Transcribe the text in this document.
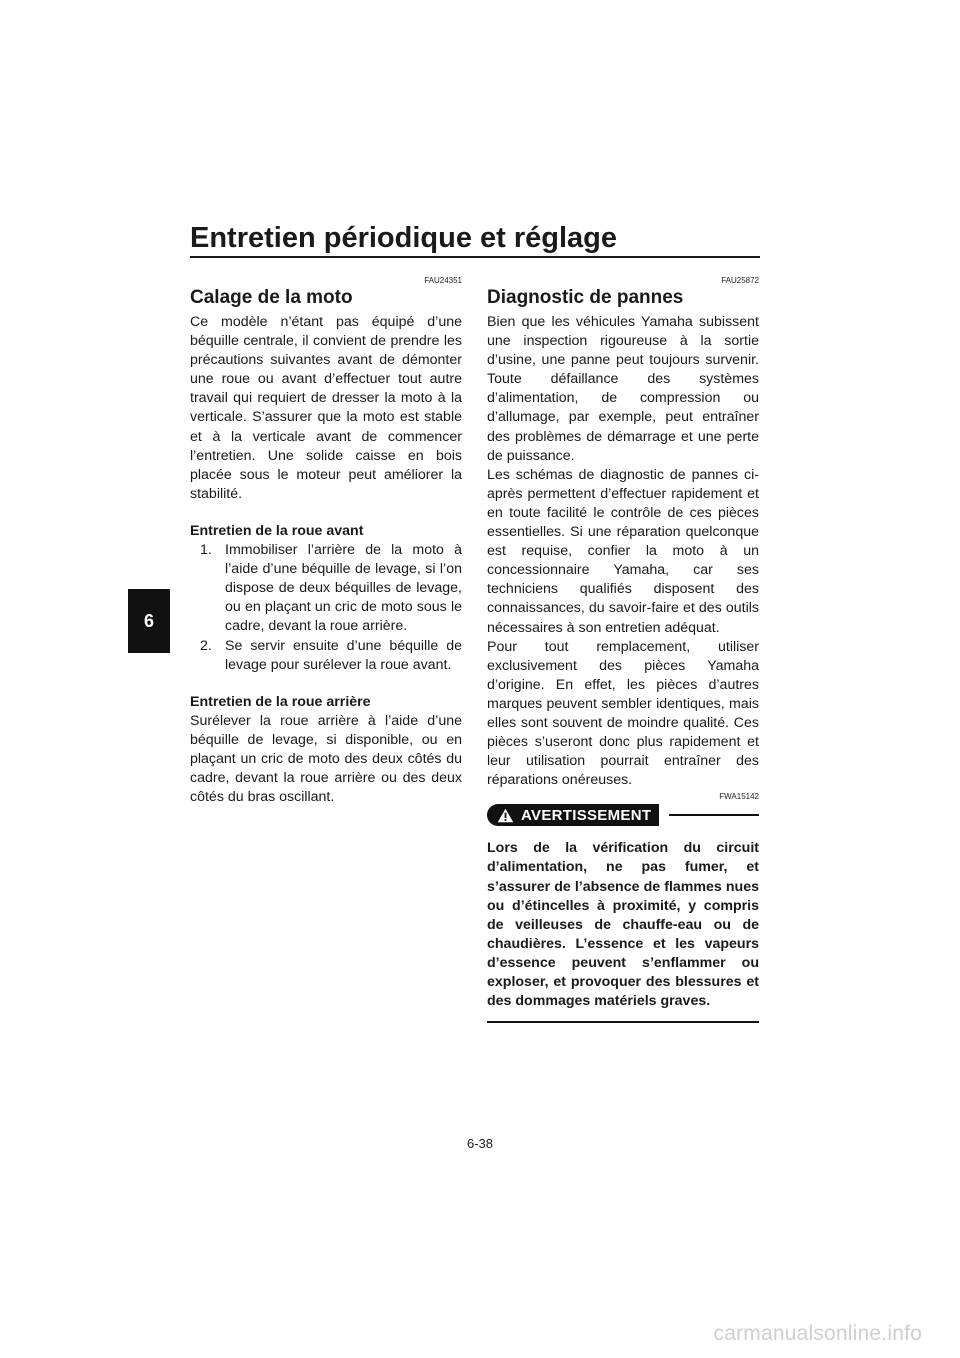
Entretien périodique et réglage
6
FAU24351
Calage de la moto

Ce modèle n’étant pas équipé d’une béquille centrale, il convient de prendre les précautions suivantes avant de démonter une roue ou avant d’effectuer tout autre travail qui requiert de dresser la moto à la verticale. S’assurer que la moto est stable et à la verticale avant de commencer l’entretien. Une solide caisse en bois placée sous le moteur peut améliorer la stabilité.

Entretien de la roue avant
1. Immobiliser l’arrière de la moto à l’aide d’une béquille de levage, si l’on dispose de deux béquilles de levage, ou en plaçant un cric de moto sous le cadre, devant la roue arrière.
2. Se servir ensuite d’une béquille de levage pour surélever la roue avant.
Entretien de la roue arrière

Surélever la roue arrière à l’aide d’une béquille de levage, si disponible, ou en plaçant un cric de moto des deux côtés du cadre, devant la roue arrière ou des deux côtés du bras oscillant.

FAU25872
Diagnostic de pannes

Bien que les véhicules Yamaha subissent une inspection rigoureuse à la sortie d’usine, une panne peut toujours survenir. Toute défaillance des systèmes d’alimentation, de compression ou d’allumage, par exemple, peut entraîner des problèmes de démarrage et une perte de puissance.

Les schémas de diagnostic de pannes ci-après permettent d’effectuer rapidement et en toute facilité le contrôle de ces pièces essentielles. Si une réparation quelconque est requise, confier la moto à un concessionnaire Yamaha, car ses techniciens qualifiés disposent des connaissances, du savoir-faire et des outils nécessaires à son entretien adéquat.

Pour tout remplacement, utiliser exclusivement des pièces Yamaha d’origine. En effet, les pièces d’autres marques peuvent sembler identiques, mais elles sont souvent de moindre qualité. Ces pièces s’useront donc plus rapidement et leur utilisation pourrait entraîner des réparations onéreuses.

FWA15142
AVERTISSEMENT
Lors de la vérification du circuit d’alimentation, ne pas fumer, et s’assurer de l’absence de flammes nues ou d’étincelles à proximité, y compris de veilleuses de chauffe-eau ou de chaudières. L’essence et les vapeurs d’essence peuvent s’enflammer ou exploser, et provoquer des blessures et des dommages matériels graves.
6-38
carmanualsonline.info
